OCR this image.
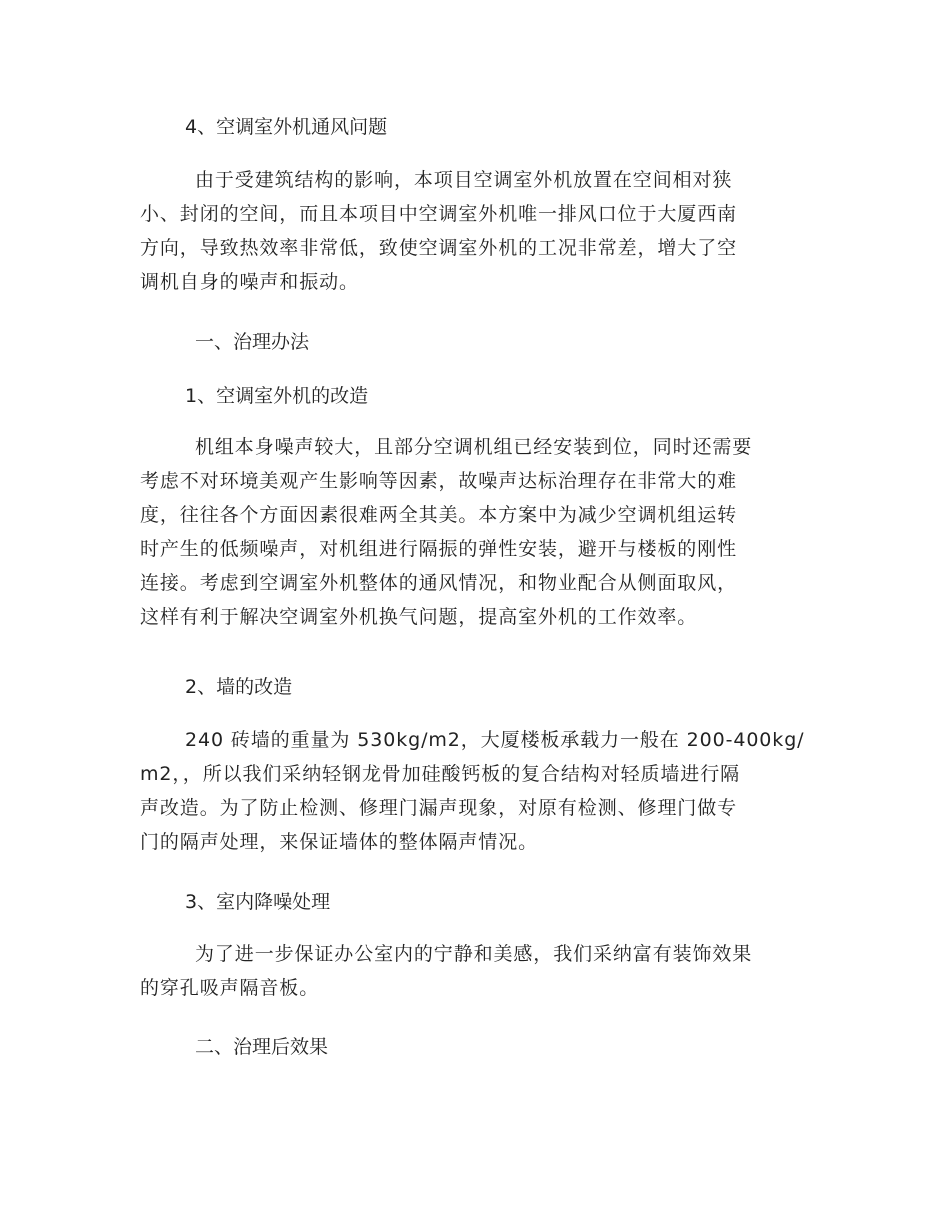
4、空调室外机通风问题
由于受建筑结构的影响，本项目空调室外机放置在空间相对狭
小、封闭的空间，而且本项目中空调室外机唯一排风口位于大厦西南
方向，导致热效率非常低，致使空调室外机的工况非常差，增大了空
调机自身的噪声和振动。
一、治理办法
1、空调室外机的改造
机组本身噪声较大，且部分空调机组已经安装到位，同时还需要
考虑不对环境美观产生影响等因素，故噪声达标治理存在非常大的难
度，往往各个方面因素很难两全其美。本方案中为减少空调机组运转
时产生的低频噪声，对机组进行隔振的弹性安装，避开与楼板的刚性
连接。考虑到空调室外机整体的通风情况，和物业配合从侧面取风，
这样有利于解决空调室外机换气问题，提高室外机的工作效率。
2、墙的改造
240 砖墙的重量为 530kg/m2，大厦楼板承载力一般在 200-400kg/
m2，，所以我们采纳轻钢龙骨加硅酸钙板的复合结构对轻质墙进行隔
声改造。为了防止检测、修理门漏声现象，对原有检测、修理门做专
门的隔声处理，来保证墙体的整体隔声情况。
3、室内降噪处理
为了进一步保证办公室内的宁静和美感，我们采纳富有装饰效果
的穿孔吸声隔音板。
二、治理后效果
